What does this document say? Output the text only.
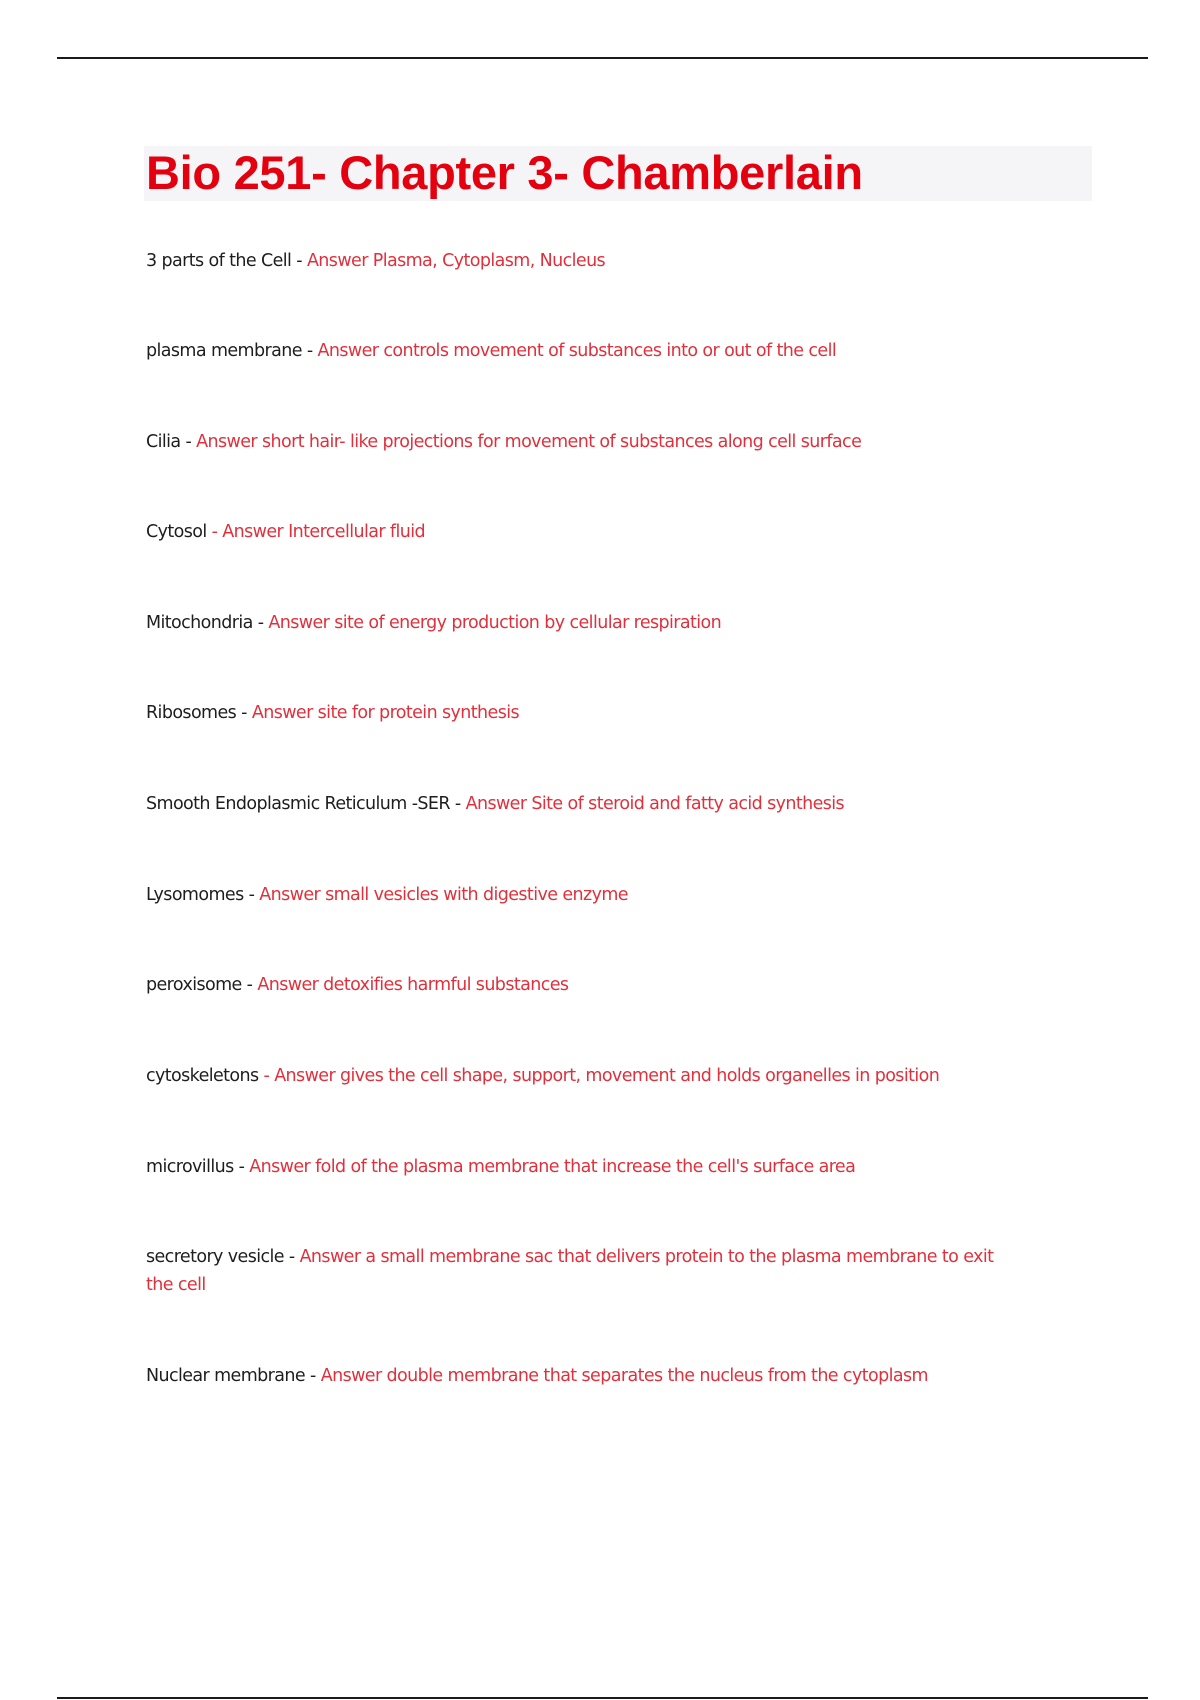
Bio 251- Chapter 3- Chamberlain

3 parts of the Cell - Answer Plasma, Cytoplasm, Nucleus

plasma membrane - Answer controls movement of substances into or out of the cell

Cilia - Answer short hair- like projections for movement of substances along cell surface

Cytosol - Answer Intercellular fluid

Mitochondria - Answer site of energy production by cellular respiration

Ribosomes - Answer site for protein synthesis

Smooth Endoplasmic Reticulum -SER - Answer Site of steroid and fatty acid synthesis

Lysomomes - Answer small vesicles with digestive enzyme

peroxisome - Answer detoxifies harmful substances

cytoskeletons - Answer gives the cell shape, support, movement and holds organelles in position

microvillus - Answer fold of the plasma membrane that increase the cell's surface area

secretory vesicle - Answer a small membrane sac that delivers protein to the plasma membrane to exit
the cell

Nuclear membrane - Answer double membrane that separates the nucleus from the cytoplasm
